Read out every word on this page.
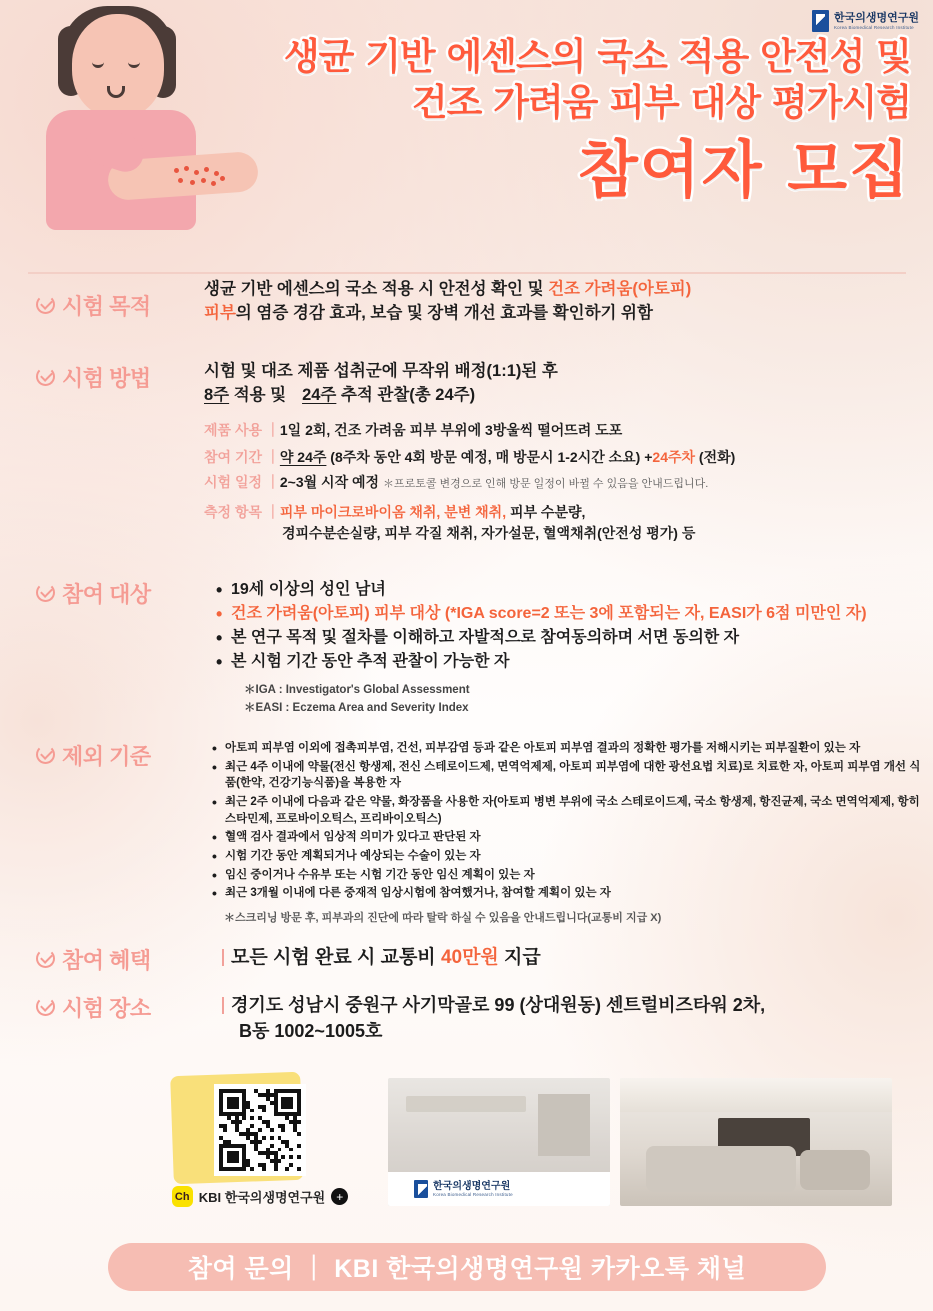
한국의생명연구원
Korea Biomedical Research Institute
생균 기반 에센스의 국소 적용 안전성 및
건조 가려움 피부 대상 평가시험
참여자 모집
시험 목적
생균 기반 에센스의 국소 적용 시 안전성 확인 및 건조 가려움(아토피)
피부의 염증 경감 효과, 보습 및 장벽 개선 효과를 확인하기 위함
시험 방법	시험 및 대조 제품 섭취군에 무작위 배정(1:1)된 후
8주 적용 및ㅤ24주 추적 관찰(총 24주)
제품 사용 ｜1일 2회, 건조 가려움 피부 부위에 3방울씩 떨어뜨려 도포
참여 기간 ｜약 24주 (8주차 동안 4회 방문 예정, 매 방문시 1-2시간 소요) +24주차 (전화)
시험 일정 ｜2~3월 시작 예정 ＊프로토콜 변경으로 인해 방문 일정이 바뀔 수 있음을 안내드립니다.
측정 항목 ｜피부 마이크로바이옴 채취, 분변 채취, 피부 수분량,
경피수분손실량, 피부 각질 채취, 자가설문, 혈액채취(안전성 평가) 등
참여 대상	• 19세 이상의 성인 남녀
• 건조 가려움(아토피) 피부 대상 (*IGA score=2 또는 3에 포함되는 자, EASI가 6점 미만인 자)
• 본 연구 목적 및 절차를 이해하고 자발적으로 참여동의하며 서면 동의한 자
• 본 시험 기간 동안 추적 관찰이 가능한 자
＊IGA : Investigator's Global Assessment
＊EASI : Eczema Area and Severity Index
제외 기준	• 아토피 피부염 이외에 접촉피부염, 건선, 피부감염 등과 같은 아토피 피부염 결과의 정확한 평가를 저해시키는 피부질환이 있는 자
• 최근 4주 이내에 약물(전신 항생제, 전신 스테로이드제, 면역억제제, 아토피 피부염에 대한 광선요법 치료)로 치료한 자, 아토피 피부염 개선 식품(한약, 건강기능식품)을 복용한 자
• 최근 2주 이내에 다음과 같은 약물, 화장품을 사용한 자(아토피 병변 부위에 국소 스테로이드제, 국소 항생제, 항진균제, 국소 면역억제제, 항히스타민제, 프로바이오틱스, 프리바이오틱스)
• 혈액 검사 결과에서 임상적 의미가 있다고 판단된 자
• 시험 기간 동안 계획되거나 예상되는 수술이 있는 자
• 임신 중이거나 수유부 또는 시험 기간 동안 임신 계획이 있는 자
• 최근 3개월 이내에 다른 중재적 임상시험에 참여했거나, 참여할 계획이 있는 자
＊스크리닝 방문 후, 피부과의 진단에 따라 탈락 하실 수 있음을 안내드립니다(교통비 지급 X)
참여 혜택	모든 시험 완료 시 교통비 40만원 지급
시험 장소	경기도 성남시 중원구 사기막골로 99 (상대원동) 센트럴비즈타워 2차,
B동 1002~1005호
Ch KBI 한국의생명연구원 +
한국의생명연구원
Korea Biomedical Research Institute
참여 문의 ｜ KBI 한국의생명연구원 카카오톡 채널
